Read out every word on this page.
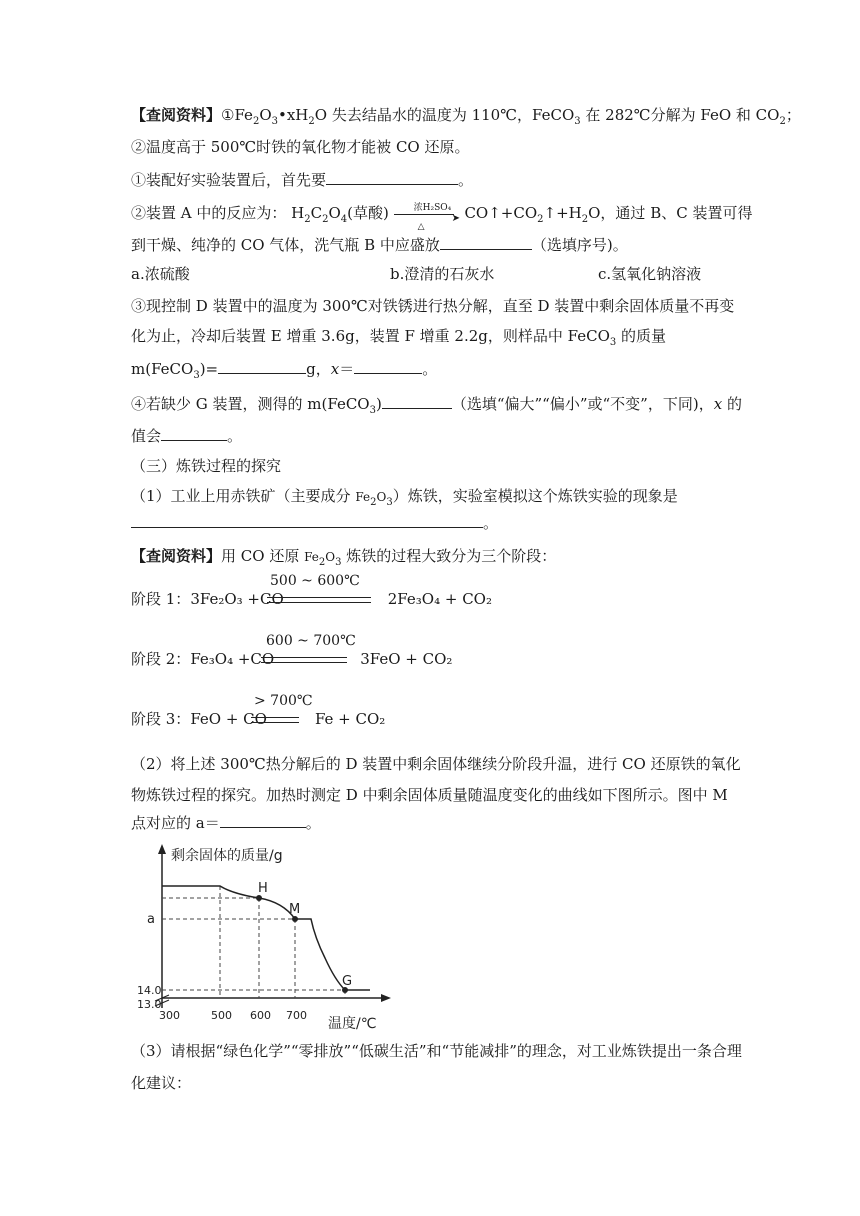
【查阅资料】$①Fe_2O_3•xH_2O$ 失去结晶水的温度为 110℃，FeCO$_3$ 在 282℃分解为 FeO 和 $CO_2$；
②温度高于 500℃时铁的氧化物才能被 CO 还原。
①装配好实验装置后，首先要	。
②装置 A 中的反应为： $H_2C_2O_4$(草酸)	浓H₂SO₄
➤
△
$CO↑+CO_2↑+H_2O$，通过 B、C 装置可得
到干燥、纯净的 CO 气体，洗气瓶 B 中应盛放	（选填序号)。
a.浓硫酸	b.澄清的石灰水	c.氢氧化钠溶液
③现控制 D 装置中的温度为 300℃对铁锈进行热分解，直至 D 装置中剩余固体质量不再变
化为止，冷却后装置 E 增重 3.6g，装置 F 增重 2.2g，则样品中 FeCO$_3$ 的质量
m(FeCO$_3$)=	g，x＝	。
④若缺少 G 装置，测得的 m(FeCO$_3$)	（选填“偏大”“偏小”或“不变”，下同)，x 的
值会	。
（三）炼铁过程的探究
（1）工业上用赤铁矿（主要成分 $Fe_2O_3$）炼铁，实验室模拟这个炼铁实验的现象是
。
【查阅资料】用 CO 还原 $Fe_2O_3$ 炼铁的过程大致分为三个阶段：
500 ~ 600℃
阶段 1：3Fe₂O₃ +CO	2Fe₃O₄ + CO₂
600 ~ 700℃
阶段 2：Fe₃O₄ +CO	3FeO + CO₂
> 700℃
阶段 3：FeO + CO	Fe + CO₂
（2）将上述 300℃热分解后的 D 装置中剩余固体继续分阶段升温，进行 CO 还原铁的氧化
物炼铁过程的探究。加热时测定 D 中剩余固体质量随温度变化的曲线如下图所示。图中 M
点对应的 a＝	。
剩余固体的质量/g
温度/℃
H
M
G
a
14.0
13.0
300	500 600 700
（3）请根据“绿色化学”“零排放”“低碳生活”和“节能减排”的理念，对工业炼铁提出一条合理
化建议：
